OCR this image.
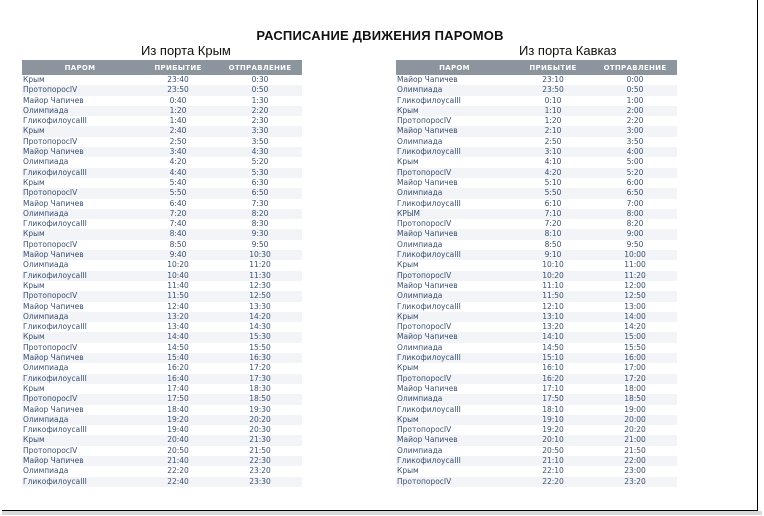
РАСПИСАНИЕ ДВИЖЕНИЯ ПАРОМОВ
Из порта Крым	Из порта Кавказ
ПАРОМ	ПРИБЫТИЕ	ОТПРАВЛЕНИЕ
Крым	23:40	0:30
ПротопоросIV	23:50	0:50
Майор Чапичев	0:40	1:30
Олимпиада	1:20	2:20
ГликофилоусаIII	1:40	2:30
Крым	2:40	3:30
ПротопоросIV	2:50	3:50
Майор Чапичев	3:40	4:30
Олимпиада	4:20	5:20
ГликофилоусаIII	4:40	5:30
Крым	5:40	6:30
ПротопоросIV	5:50	6:50
Майор Чапичев	6:40	7:30
Олимпиада	7:20	8:20
ГликофилоусаIII	7:40	8:30
Крым	8:40	9:30
ПротопоросIV	8:50	9:50
Майор Чапичев	9:40	10:30
Олимпиада	10:20	11:20
ГликофилоусаIII	10:40	11:30
Крым	11:40	12:30
ПротопоросIV	11:50	12:50
Майор Чапичев	12:40	13:30
Олимпиада	13:20	14:20
ГликофилоусаIII	13:40	14:30
Крым	14:40	15:30
ПротопоросIV	14:50	15:50
Майор Чапичев	15:40	16:30
Олимпиада	16:20	17:20
ГликофилоусаIII	16:40	17:30
Крым	17:40	18:30
ПротопоросIV	17:50	18:50
Майор Чапичев	18:40	19:30
Олимпиада	19:20	20:20
ГликофилоусаIII	19:40	20:30
Крым	20:40	21:30
ПротопоросIV	20:50	21:50
Майор Чапичев	21:40	22:30
Олимпиада	22:20	23:20
ГликофилоусаIII	22:40	23:30
ПАРОМ	ПРИБЫТИЕ	ОТПРАВЛЕНИЕ
Майор Чапичев	23:10	0:00
Олимпиада	23:50	0:50
ГликофилоусаIII	0:10	1:00
Крым	1:10	2:00
ПротопоросIV	1:20	2:20
Майор Чапичев	2:10	3:00
Олимпиада	2:50	3:50
ГликофилоусаIII	3:10	4:00
Крым	4:10	5:00
ПротопоросIV	4:20	5:20
Майор Чапичев	5:10	6:00
Олимпиада	5:50	6:50
ГликофилоусаIII	6:10	7:00
КРЫМ	7:10	8:00
ПротопоросIV	7:20	8:20
Майор Чапичев	8:10	9:00
Олимпиада	8:50	9:50
ГликофилоусаIII	9:10	10:00
Крым	10:10	11:00
ПротопоросIV	10:20	11:20
Майор Чапичев	11:10	12:00
Олимпиада	11:50	12:50
ГликофилоусаIII	12:10	13:00
Крым	13:10	14:00
ПротопоросIV	13:20	14:20
Майор Чапичев	14:10	15:00
Олимпиада	14:50	15:50
ГликофилоусаIII	15:10	16:00
Крым	16:10	17:00
ПротопоросIV	16:20	17:20
Майор Чапичев	17:10	18:00
Олимпиада	17:50	18:50
ГликофилоусаIII	18:10	19:00
Крым	19:10	20:00
ПротопоросIV	19:20	20:20
Майор Чапичев	20:10	21:00
Олимпиада	20:50	21:50
ГликофилоусаIII	21:10	22:00
Крым	22:10	23:00
ПротопоросIV	22:20	23:20
